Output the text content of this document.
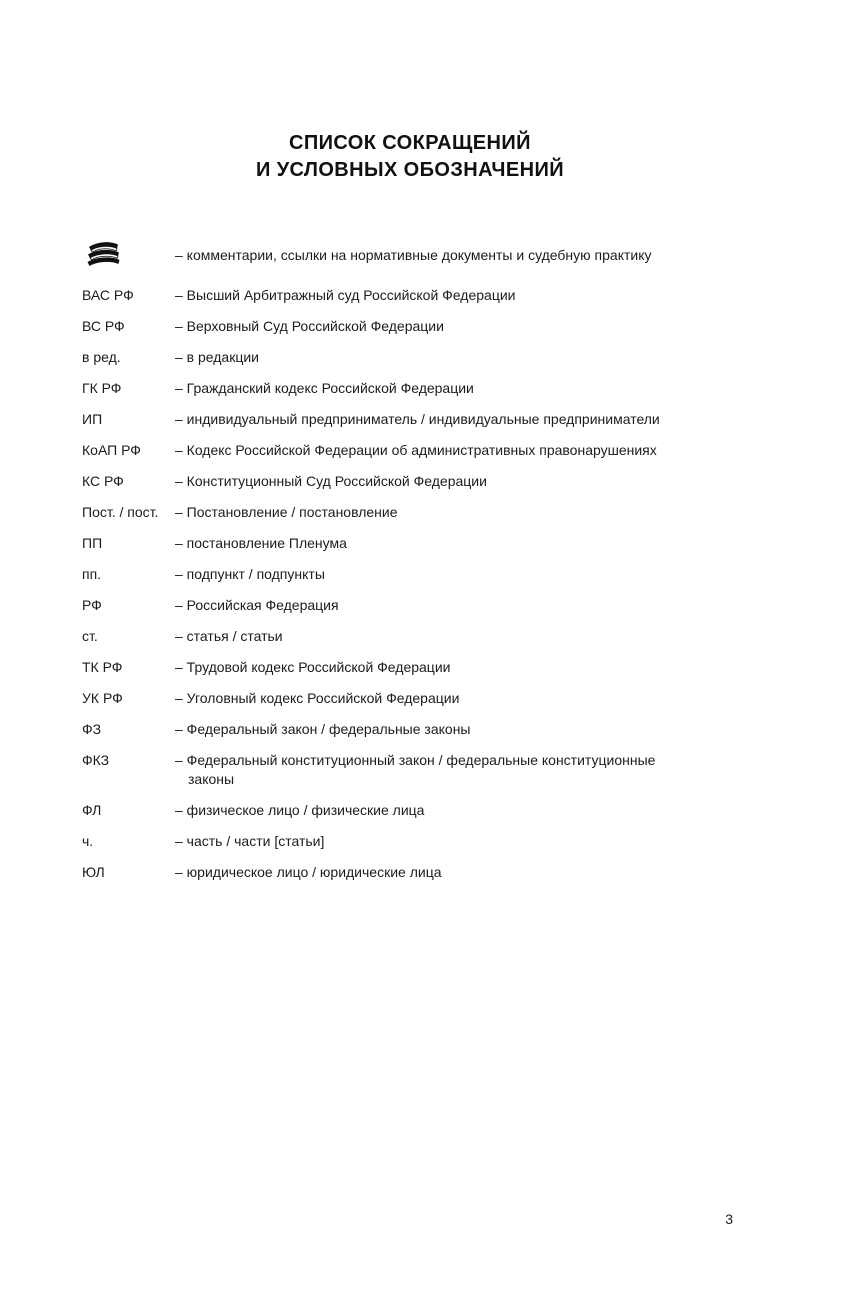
СПИСОК СОКРАЩЕНИЙ
И УСЛОВНЫХ ОБОЗНАЧЕНИЙ
– комментарии, ссылки на нормативные документы и судебную практику
ВАС РФ	– Высший Арбитражный суд Российской Федерации
ВС РФ	– Верховный Суд Российской Федерации
в ред.	– в редакции
ГК РФ	– Гражданский кодекс Российской Федерации
ИП	– индивидуальный предприниматель / индивидуальные предприниматели
КоАП РФ	– Кодекс Российской Федерации об административных правонарушениях
КС РФ	– Конституционный Суд Российской Федерации
Пост. / пост.	– Постановление / постановление
ПП	– постановление Пленума
пп.	– подпункт / подпункты
РФ	– Российская Федерация
ст.	– статья / статьи
ТК РФ	– Трудовой кодекс Российской Федерации
УК РФ	– Уголовный кодекс Российской Федерации
ФЗ	– Федеральный закон / федеральные законы
ФКЗ	– Федеральный конституционный закон / федеральные конституционные законы
ФЛ	– физическое лицо / физические лица
ч.	– часть / части [статьи]
ЮЛ	– юридическое лицо / юридические лица
3
